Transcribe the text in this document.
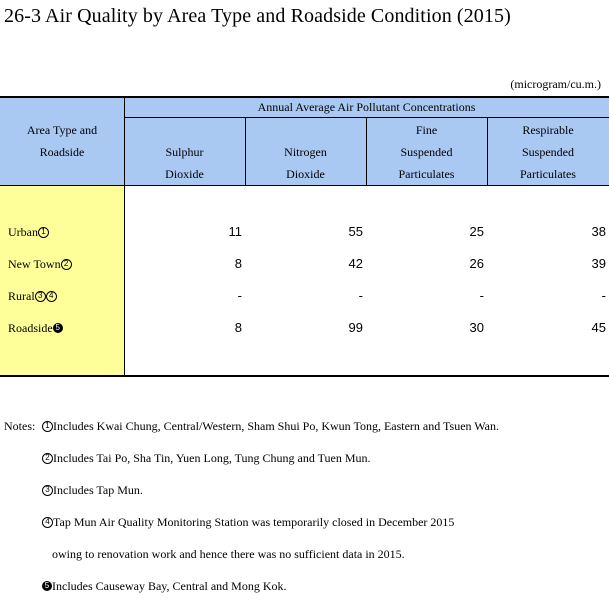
26-3 Air Quality by Area Type and Roadside Condition (2015)
(microgram/cu.m.)
Area Type and
Roadside
Annual Average Air Pollutant Concentrations
Sulphur
Dioxide
Nitrogen
Dioxide
Fine
Suspended
Particulates
Respirable
Suspended
Particulates
Urban 1	11	55	25	38
New Town 2	8	42	26	39
Rural 3 4	-	-	-	-
Roadside 5	8	99	30	45
Notes:	1 Includes Kwai Chung, Central/Western, Sham Shui Po, Kwun Tong, Eastern and Tsuen Wan.
2 Includes Tai Po, Sha Tin, Yuen Long, Tung Chung and Tuen Mun.
3 Includes Tap Mun.
4 Tap Mun Air Quality Monitoring Station was temporarily closed in December 2015
owing to renovation work and hence there was no sufficient data in 2015.
5 Includes Causeway Bay, Central and Mong Kok.
